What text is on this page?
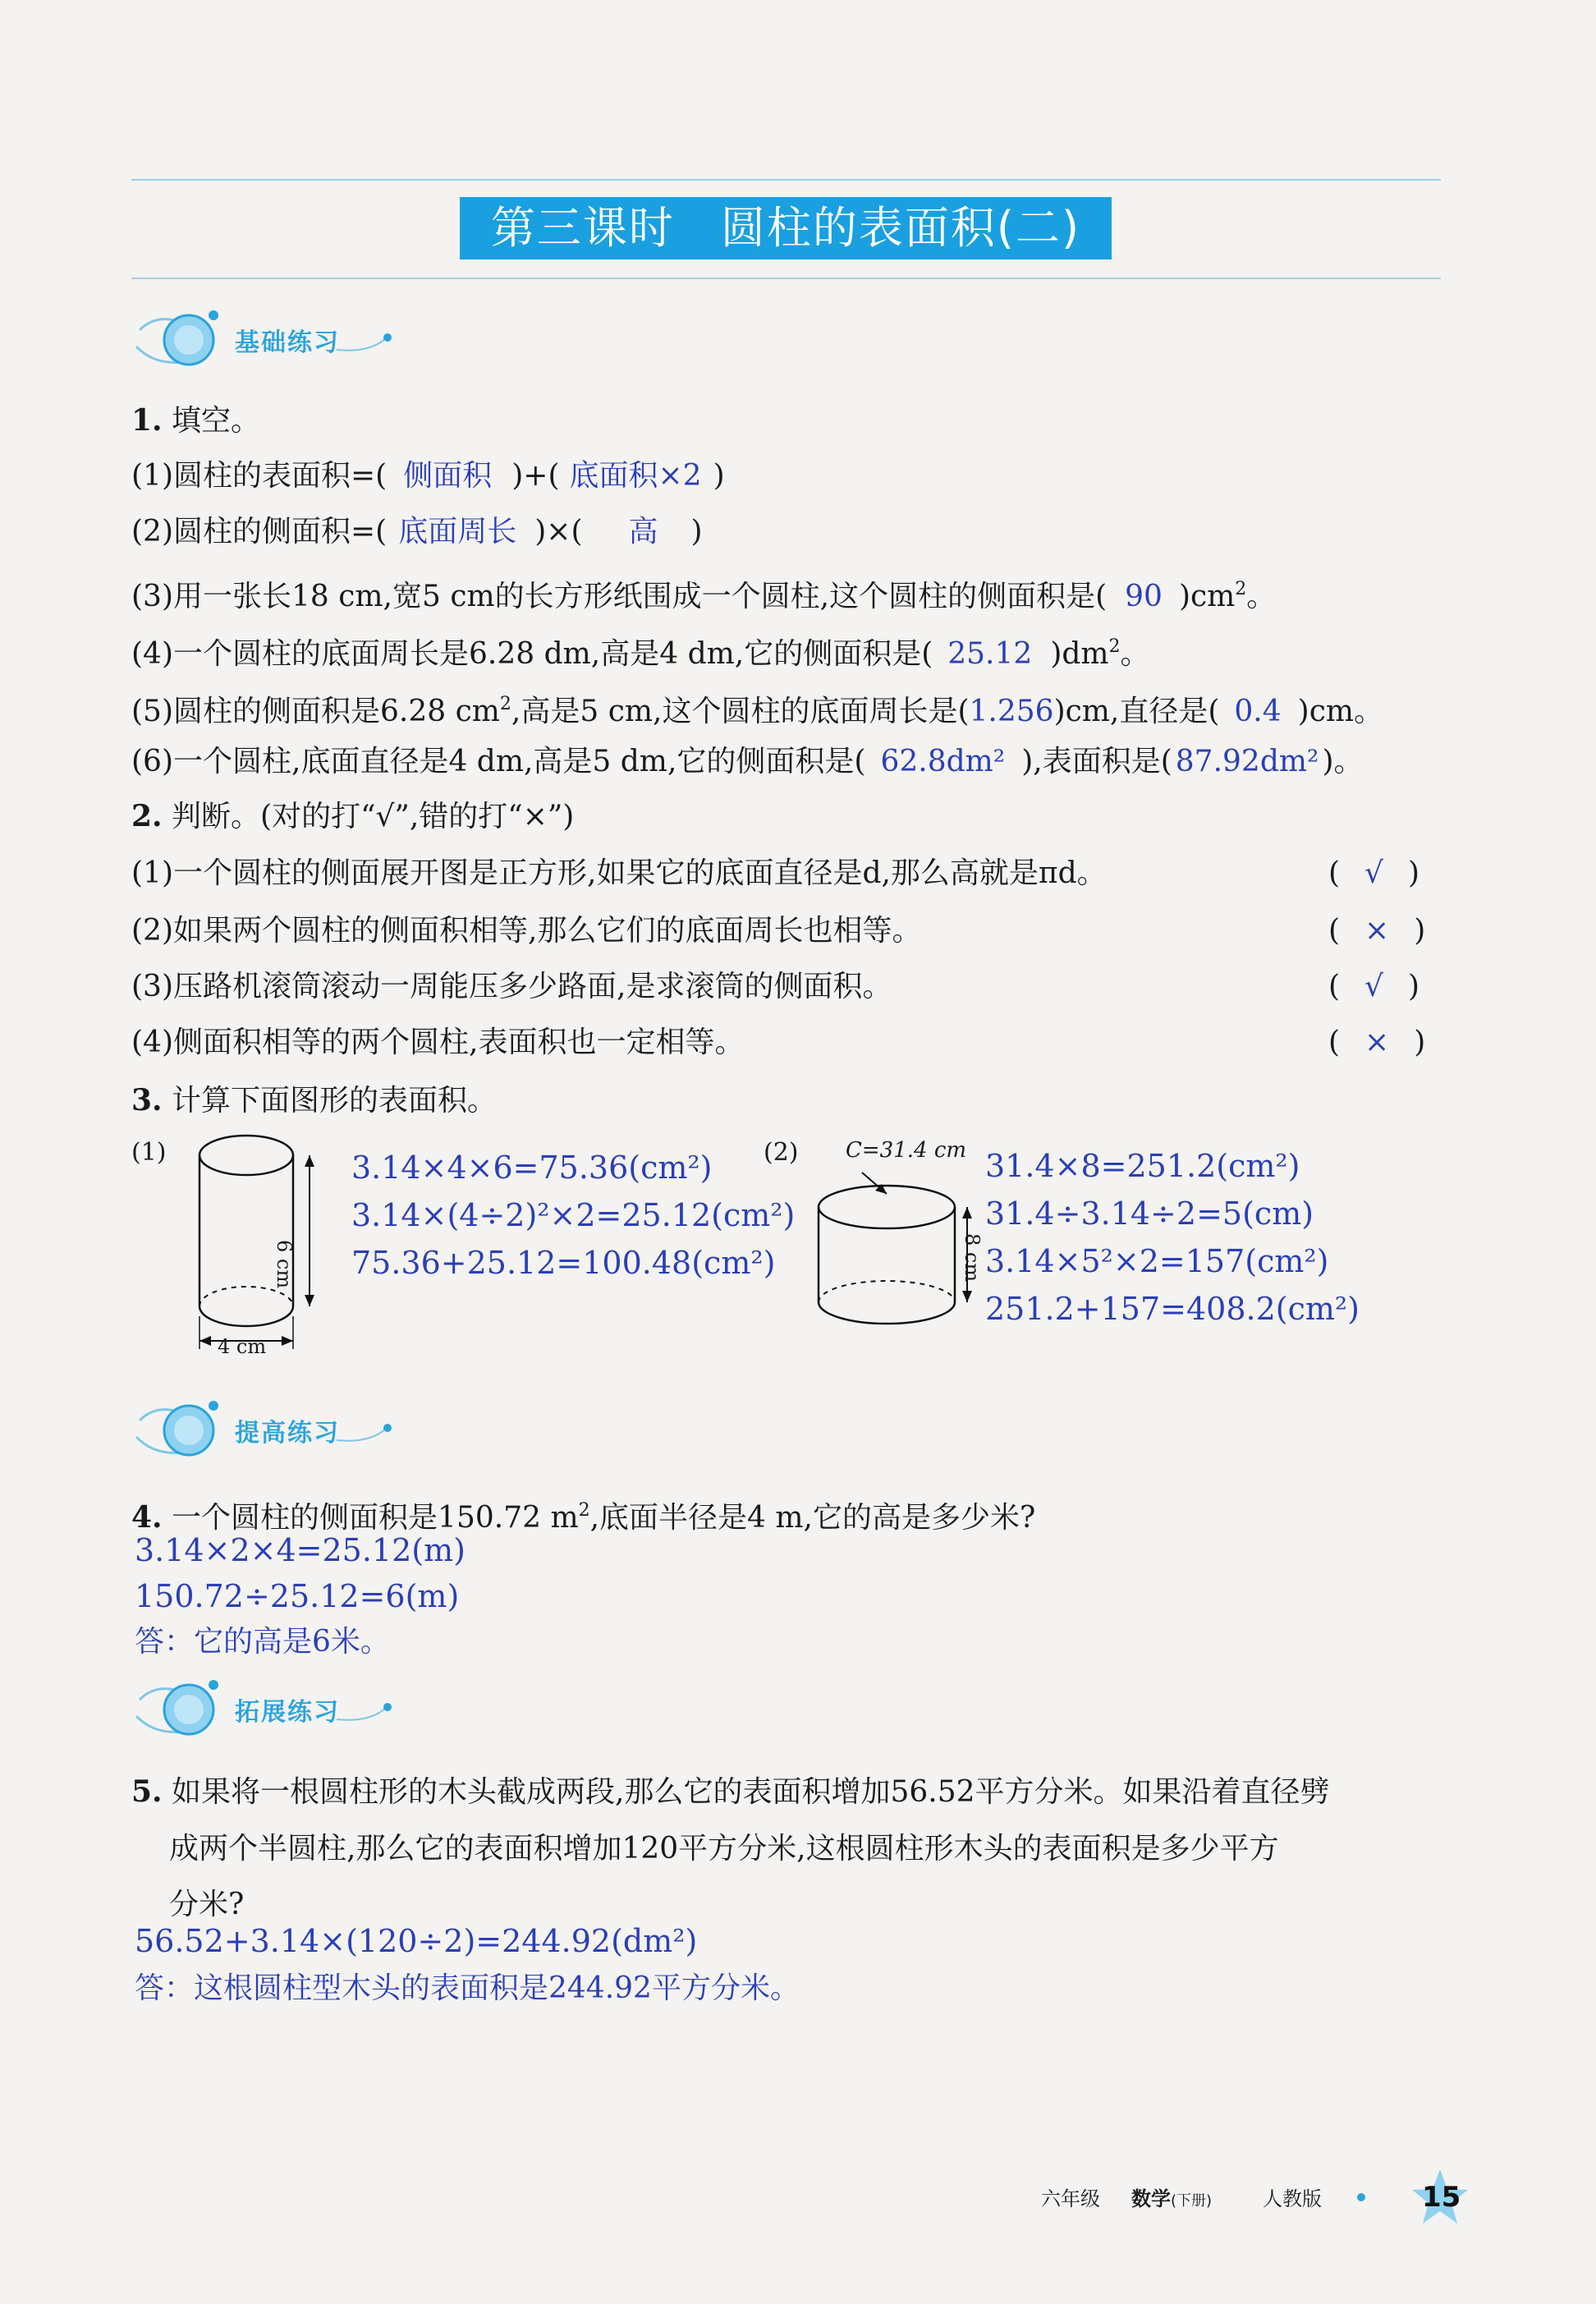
第三课时　圆柱的表面积(二)
基础练习
1. 填空。
(1)圆柱的表面积=( 侧面积 )+( 底面积×2 )
(2)圆柱的侧面积=( 底面周长 )×( 高 )
(3)用一张长18 cm,宽5 cm的长方形纸围成一个圆柱,这个圆柱的侧面积是( 90 )$cm^2$。
(4)一个圆柱的底面周长是6.28 dm,高是4 dm,它的侧面积是( 25.12 )$dm^2$。
(5)圆柱的侧面积是6.28 $cm^2$,高是5 cm,这个圆柱的底面周长是(1.256)cm,直径是( 0.4 )cm。
(6)一个圆柱,底面直径是4 dm,高是5 dm,它的侧面积是( 62.8dm² ),表面积是( 87.92dm² )。
2. 判断。(对的打“√”,错的打“×”)
(1)一个圆柱的侧面展开图是正方形,如果它的底面直径是d,那么高就是πd。	( √ )
(2)如果两个圆柱的侧面积相等,那么它们的底面周长也相等。	( × )
(3)压路机滚筒滚动一周能压多少路面,是求滚筒的侧面积。	( √ )
(4)侧面积相等的两个圆柱,表面积也一定相等。	( × )
3. 计算下面图形的表面积。
(1)
6 cm
4 cm
3.14×4×6=75.36(cm²)
3.14×(4÷2)²×2=25.12(cm²)
75.36+25.12=100.48(cm²)
(2) C=31.4 cm
8 cm
31.4×8=251.2(cm²)
31.4÷3.14÷2=5(cm)
3.14×5²×2=157(cm²)
251.2+157=408.2(cm²)
提高练习
4. 一个圆柱的侧面积是150.72 $m^2$,底面半径是4 m,它的高是多少米?
3.14×2×4=25.12(m)
150.72÷25.12=6(m)
答：它的高是6米。
拓展练习
5. 如果将一根圆柱形的木头截成两段,那么它的表面积增加56.52平方分米。如果沿着直径劈
成两个半圆柱,那么它的表面积增加120平方分米,这根圆柱形木头的表面积是多少平方
分米?
56.52+3.14×(120÷2)=244.92(dm²)
答：这根圆柱型木头的表面积是244.92平方分米。
六年级 数学(下册)	人教版	15
